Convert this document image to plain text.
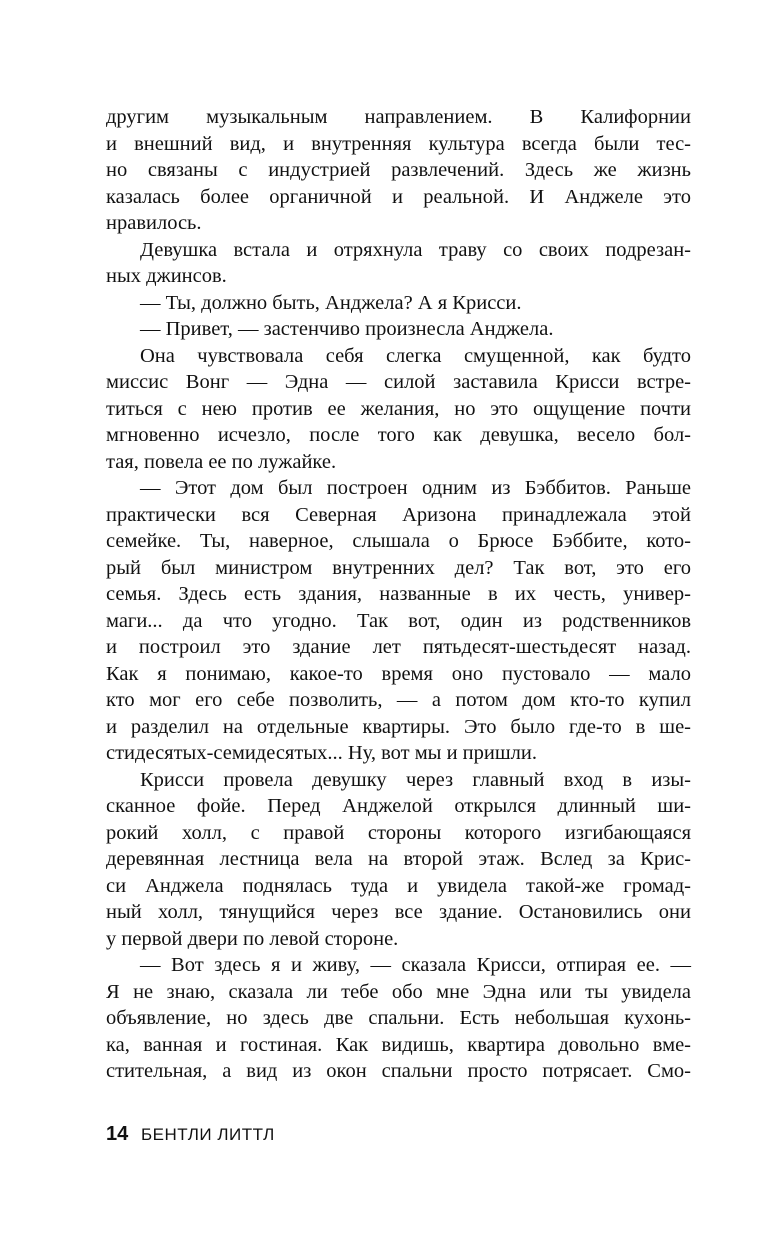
другим музыкальным направлением. В Калифорнии
и внешний вид, и внутренняя культура всегда были тес-
но связаны с индустрией развлечений. Здесь же жизнь
казалась более органичной и реальной. И Анджеле это
нравилось.
Девушка встала и отряхнула траву со своих подрезан-
ных джинсов.
— Ты, должно быть, Анджела? А я Крисси.
— Привет, — застенчиво произнесла Анджела.
Она чувствовала себя слегка смущенной, как будто
миссис Вонг — Эдна — силой заставила Крисси встре-
титься с нею против ее желания, но это ощущение почти
мгновенно исчезло, после того как девушка, весело бол-
тая, повела ее по лужайке.
— Этот дом был построен одним из Бэббитов. Раньше
практически вся Северная Аризона принадлежала этой
семейке. Ты, наверное, слышала о Брюсе Бэббите, кото-
рый был министром внутренних дел? Так вот, это его
семья. Здесь есть здания, названные в их честь, универ-
маги... да что угодно. Так вот, один из родственников
и построил это здание лет пятьдесят-шестьдесят назад.
Как я понимаю, какое-то время оно пустовало — мало
кто мог его себе позволить, — а потом дом кто-то купил
и разделил на отдельные квартиры. Это было где-то в ше-
стидесятых-семидесятых... Ну, вот мы и пришли.
Крисси провела девушку через главный вход в изы-
сканное фойе. Перед Анджелой открылся длинный ши-
рокий холл, с правой стороны которого изгибающаяся
деревянная лестница вела на второй этаж. Вслед за Крис-
си Анджела поднялась туда и увидела такой-же громад-
ный холл, тянущийся через все здание. Остановились они
у первой двери по левой стороне.
— Вот здесь я и живу, — сказала Крисси, отпирая ее. —
Я не знаю, сказала ли тебе обо мне Эдна или ты увидела
объявление, но здесь две спальни. Есть небольшая кухонь-
ка, ванная и гостиная. Как видишь, квартира довольно вме-
стительная, а вид из окон спальни просто потрясает. Смо-
14 БЕНТЛИ ЛИТТЛ
